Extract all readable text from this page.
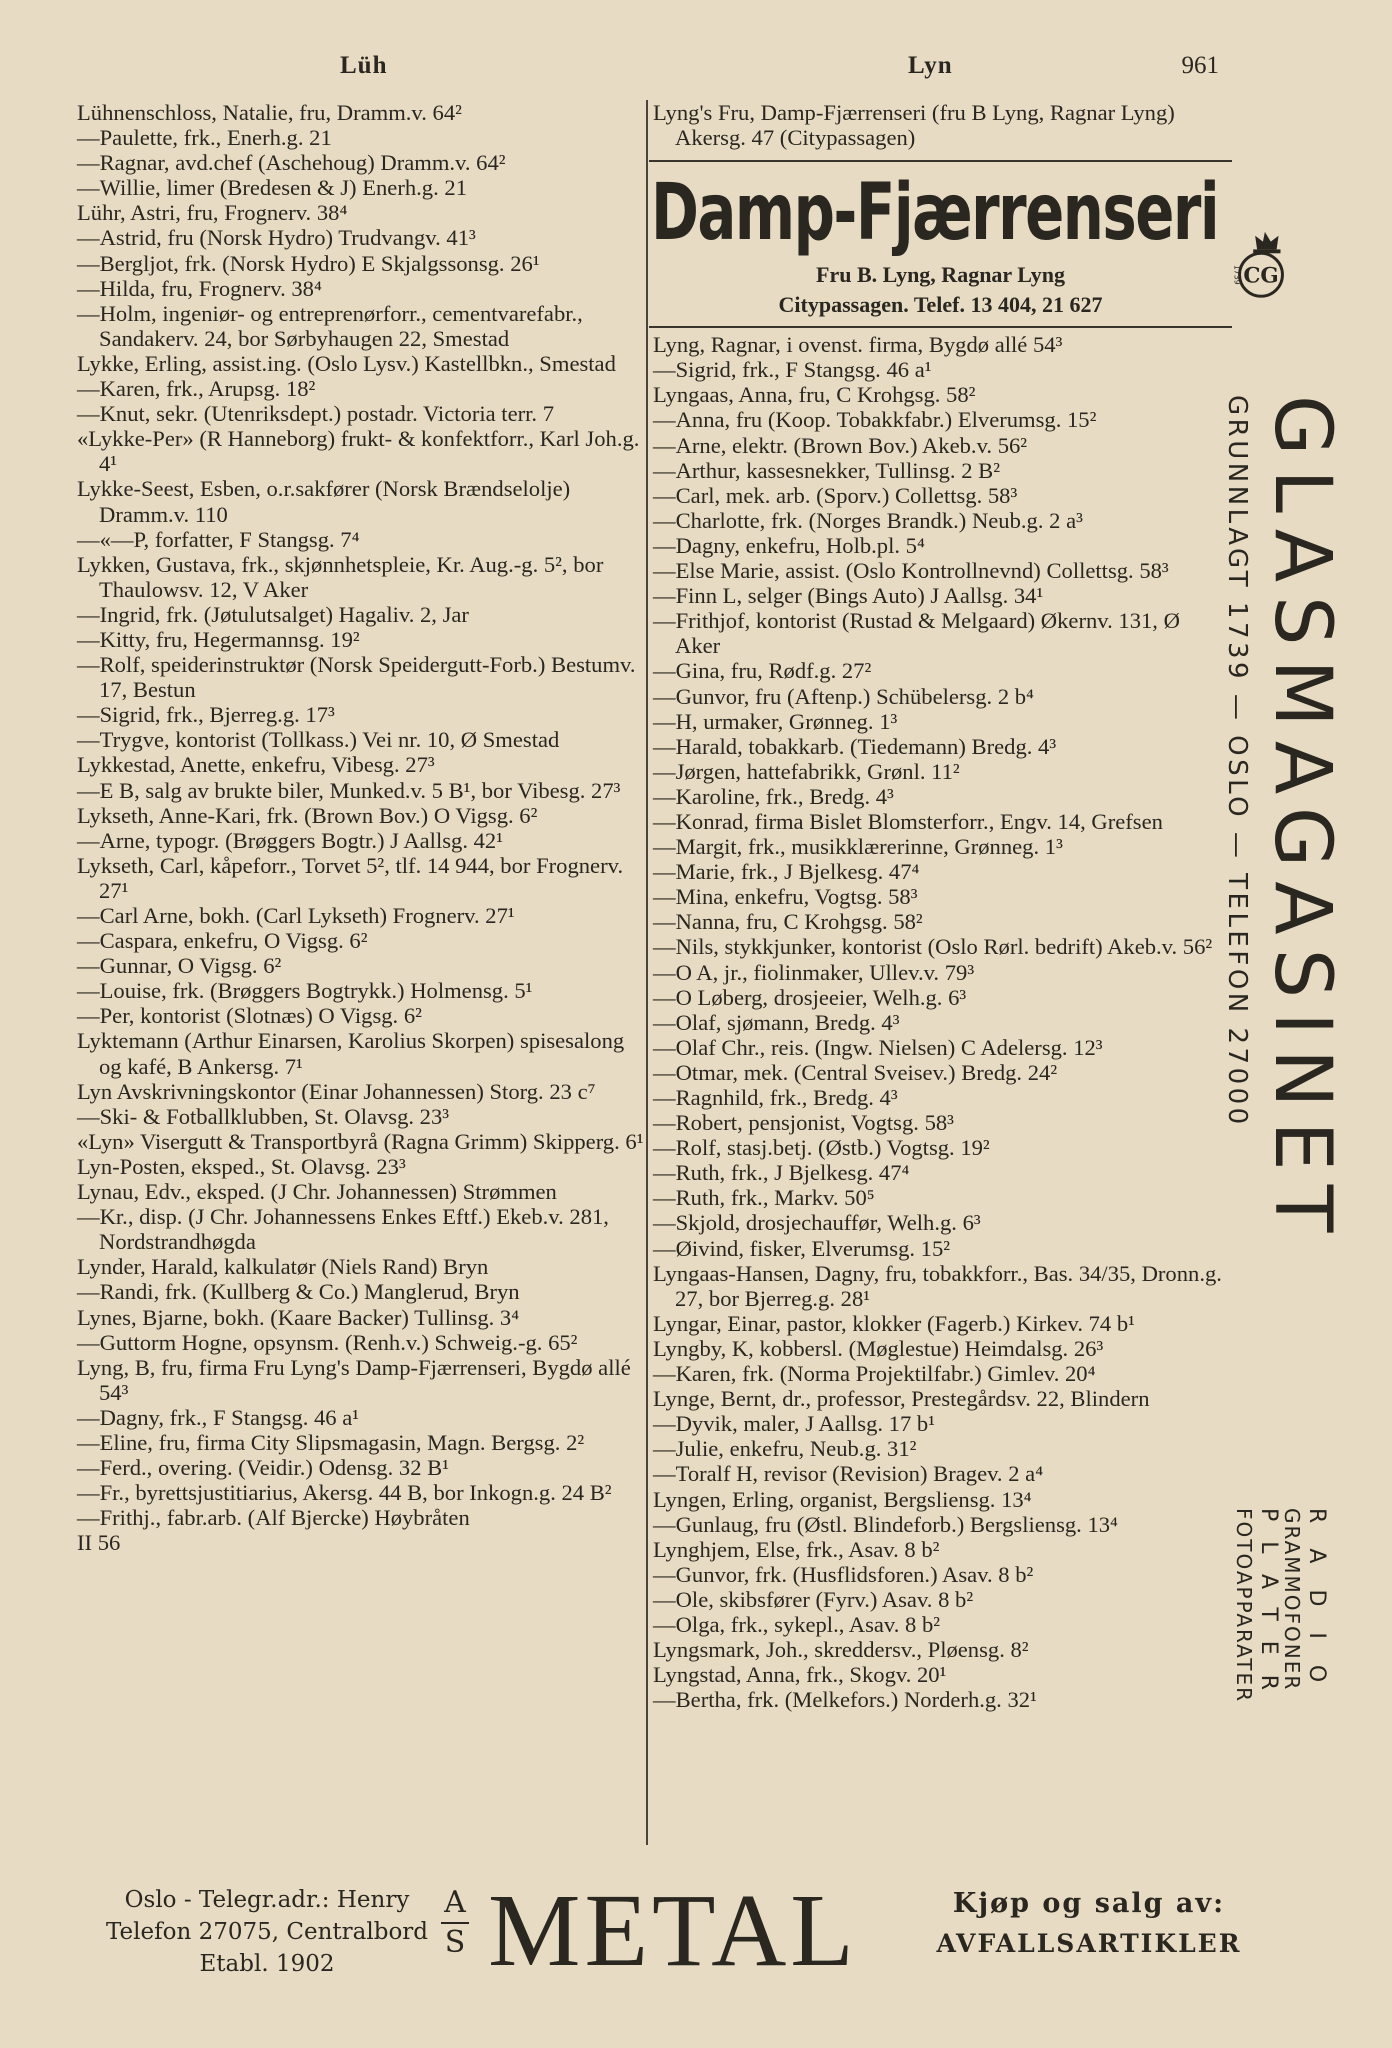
Lüh	Lyn	961

Lühnenschloss, Natalie, fru, Dramm.v. 64²

—Paulette, frk., Enerh.g. 21

—Ragnar, avd.chef (Aschehoug) Dramm.v. 64²

—Willie, limer (Bredesen & J) Enerh.g. 21

Lühr, Astri, fru, Frognerv. 38⁴

—Astrid, fru (Norsk Hydro) Trudvangv. 41³

—Bergljot, frk. (Norsk Hydro) E Skjalgssonsg. 26¹

—Hilda, fru, Frognerv. 38⁴

—Holm, ingeniør- og entreprenørforr., cementvarefabr., Sandakerv. 24, bor Sørbyhaugen 22, Smestad

Lykke, Erling, assist.ing. (Oslo Lysv.) Kastellbkn., Smestad

—Karen, frk., Arupsg. 18²

—Knut, sekr. (Utenriksdept.) postadr. Victoria terr. 7

«Lykke-Per» (R Hanneborg) frukt- & konfektforr., Karl Joh.g. 4¹

Lykke-Seest, Esben, o.r.sakfører (Norsk Brændselolje) Dramm.v. 110

—«—P, forfatter, F Stangsg. 7⁴

Lykken, Gustava, frk., skjønnhetspleie, Kr. Aug.-g. 5², bor Thaulowsv. 12, V Aker

—Ingrid, frk. (Jøtulutsalget) Hagaliv. 2, Jar

—Kitty, fru, Hegermannsg. 19²

—Rolf, speiderinstruktør (Norsk Speidergutt-Forb.) Bestumv. 17, Bestun

—Sigrid, frk., Bjerreg.g. 17³

—Trygve, kontorist (Tollkass.) Vei nr. 10, Ø Smestad

Lykkestad, Anette, enkefru, Vibesg. 27³

—E B, salg av brukte biler, Munked.v. 5 B¹, bor Vibesg. 27³

Lykseth, Anne-Kari, frk. (Brown Bov.) O Vigsg. 6²

—Arne, typogr. (Brøggers Bogtr.) J Aallsg. 42¹

Lykseth, Carl, kåpeforr., Torvet 5², tlf. 14 944, bor Frognerv. 27¹

—Carl Arne, bokh. (Carl Lykseth) Frognerv. 27¹

—Caspara, enkefru, O Vigsg. 6²

—Gunnar, O Vigsg. 6²

—Louise, frk. (Brøggers Bogtrykk.) Holmensg. 5¹

—Per, kontorist (Slotnæs) O Vigsg. 6²

Lyktemann (Arthur Einarsen, Karolius Skorpen) spisesalong og kafé, B Ankersg. 7¹

Lyn Avskrivningskontor (Einar Johannessen) Storg. 23 c⁷

—Ski- & Fotballklubben, St. Olavsg. 23³

«Lyn» Visergutt & Transportbyrå (Ragna Grimm) Skipperg. 6¹

Lyn-Posten, eksped., St. Olavsg. 23³

Lynau, Edv., eksped. (J Chr. Johannessen) Strømmen

—Kr., disp. (J Chr. Johannessens Enkes Eftf.) Ekeb.v. 281, Nordstrandhøgda

Lynder, Harald, kalkulatør (Niels Rand) Bryn

—Randi, frk. (Kullberg & Co.) Manglerud, Bryn

Lynes, Bjarne, bokh. (Kaare Backer) Tullinsg. 3⁴

—Guttorm Hogne, opsynsm. (Renh.v.) Schweig.-g. 65²

Lyng, B, fru, firma Fru Lyng's Damp-Fjærrenseri, Bygdø allé 54³

—Dagny, frk., F Stangsg. 46 a¹

—Eline, fru, firma City Slipsmagasin, Magn. Bergsg. 2²

—Ferd., overing. (Veidir.) Odensg. 32 B¹

—Fr., byrettsjustitiarius, Akersg. 44 B, bor Inkogn.g. 24 B²

—Frithj., fabr.arb. (Alf Bjercke) Høybråten

II 56

Lyng's Fru, Damp-Fjærrenseri (fru B Lyng, Ragnar Lyng) Akersg. 47 (Citypassagen)

Damp-Fjærrenseri
Fru B. Lyng, Ragnar Lyng
Citypassagen. Telef. 13 404, 21 627

Lyng, Ragnar, i ovenst. firma, Bygdø allé 54³

—Sigrid, frk., F Stangsg. 46 a¹

Lyngaas, Anna, fru, C Krohgsg. 58²

—Anna, fru (Koop. Tobakkfabr.) Elverumsg. 15²

—Arne, elektr. (Brown Bov.) Akeb.v. 56²

—Arthur, kassesnekker, Tullinsg. 2 B²

—Carl, mek. arb. (Sporv.) Collettsg. 58³

—Charlotte, frk. (Norges Brandk.) Neub.g. 2 a³

—Dagny, enkefru, Holb.pl. 5⁴

—Else Marie, assist. (Oslo Kontrollnevnd) Collettsg. 58³

—Finn L, selger (Bings Auto) J Aallsg. 34¹

—Frithjof, kontorist (Rustad & Melgaard) Økernv. 131, Ø Aker

—Gina, fru, Rødf.g. 27²

—Gunvor, fru (Aftenp.) Schübelersg. 2 b⁴

—H, urmaker, Grønneg. 1³

—Harald, tobakkarb. (Tiedemann) Bredg. 4³

—Jørgen, hattefabrikk, Grønl. 11²

—Karoline, frk., Bredg. 4³

—Konrad, firma Bislet Blomsterforr., Engv. 14, Grefsen

—Margit, frk., musikklærerinne, Grønneg. 1³

—Marie, frk., J Bjelkesg. 47⁴

—Mina, enkefru, Vogtsg. 58³

—Nanna, fru, C Krohgsg. 58²

—Nils, stykkjunker, kontorist (Oslo Rørl. bedrift) Akeb.v. 56²

—O A, jr., fiolinmaker, Ullev.v. 79³

—O Løberg, drosjeeier, Welh.g. 6³

—Olaf, sjømann, Bredg. 4³

—Olaf Chr., reis. (Ingw. Nielsen) C Adelersg. 12³

—Otmar, mek. (Central Sveisev.) Bredg. 24²

—Ragnhild, frk., Bredg. 4³

—Robert, pensjonist, Vogtsg. 58³

—Rolf, stasj.betj. (Østb.) Vogtsg. 19²

—Ruth, frk., J Bjelkesg. 47⁴

—Ruth, frk., Markv. 50⁵

—Skjold, drosjechauffør, Welh.g. 6³

—Øivind, fisker, Elverumsg. 15²

Lyngaas-Hansen, Dagny, fru, tobakkforr., Bas. 34/35, Dronn.g. 27, bor Bjerreg.g. 28¹

Lyngar, Einar, pastor, klokker (Fagerb.) Kirkev. 74 b¹

Lyngby, K, kobbersl. (Møglestue) Heimdalsg. 26³

—Karen, frk. (Norma Projektilfabr.) Gimlev. 20⁴

Lynge, Bernt, dr., professor, Prestegårdsv. 22, Blindern

—Dyvik, maler, J Aallsg. 17 b¹

—Julie, enkefru, Neub.g. 31²

—Toralf H, revisor (Revision) Bragev. 2 a⁴

Lyngen, Erling, organist, Bergsliensg. 13⁴

—Gunlaug, fru (Østl. Blindeforb.) Bergsliensg. 13⁴

Lynghjem, Else, frk., Asav. 8 b²

—Gunvor, frk. (Husflidsforen.) Asav. 8 b²

—Ole, skibsfører (Fyrv.) Asav. 8 b²

—Olga, frk., sykepl., Asav. 8 b²

Lyngsmark, Joh., skreddersv., Pløensg. 8²

Lyngstad, Anna, frk., Skogv. 20¹

—Bertha, frk. (Melkefors.) Norderh.g. 32¹

CG
1739
GRUNNLAGT 1739 — OSLO — TELEFON 27000 GLASMAGASINET
RADIO
GRAMMOFONER
PLATER
FOTOAPPARATER
Oslo - Telegr.adr.: Henry
Telefon 27075, Centralbord
Etabl. 1902
A
S METAL	Kjøp og salg av:
AVFALLSARTIKLER
